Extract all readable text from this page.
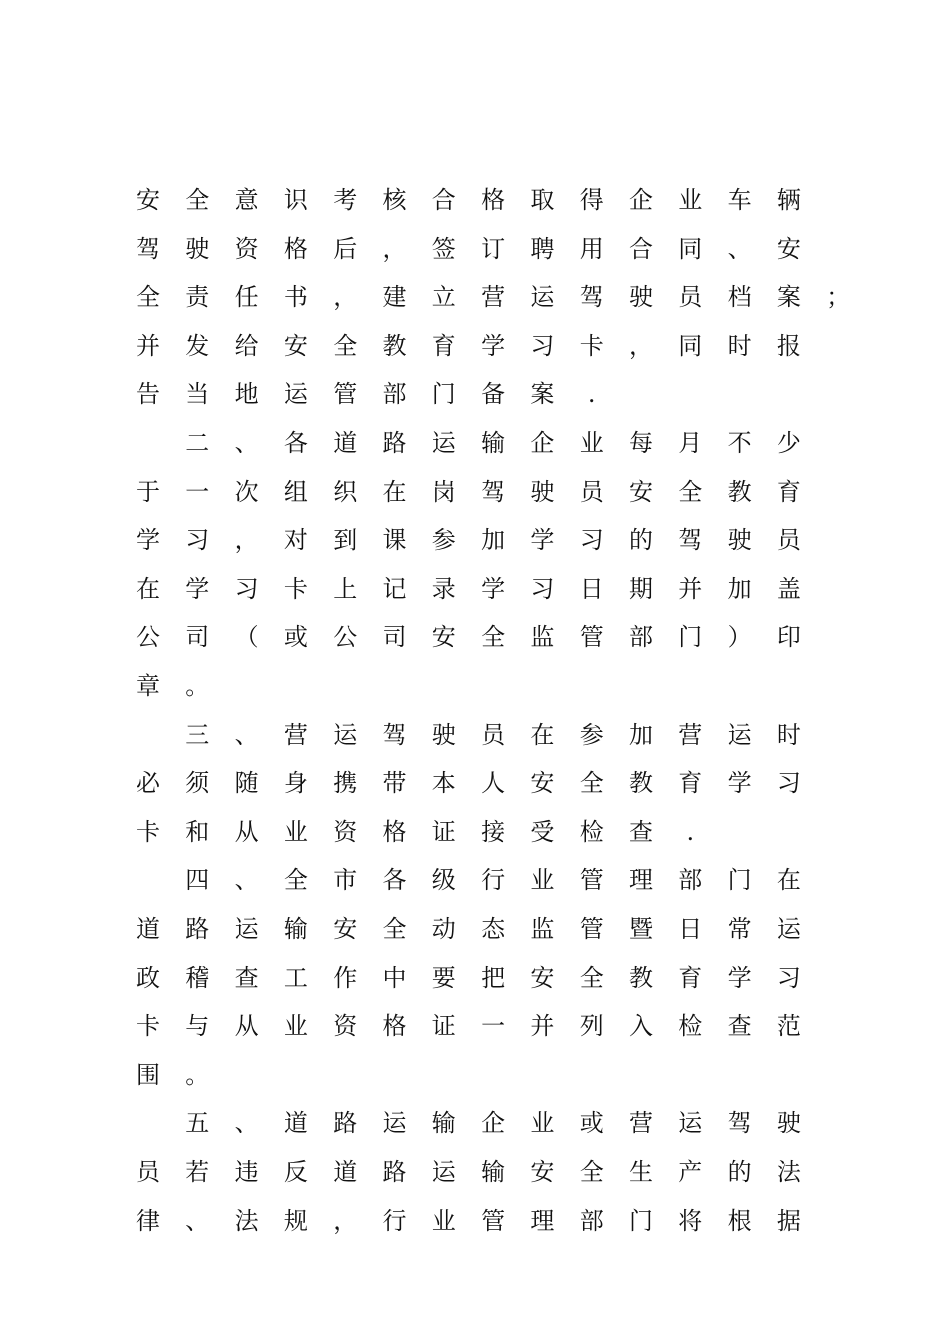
安 全 意 识 考 核 合 格 取 得 企 业 车 辆
驾 驶 资 格 后 ， 签 订 聘 用 合 同 、 安
全 责 任 书 ， 建 立 营 运 驾 驶 员 档 案 ；
并 发 给 安 全 教 育 学 习 卡 ， 同 时 报
告 当 地 运 管 部 门 备 案	.
二 、 各 道 路 运 输 企 业 每 月 不 少
于 一 次 组 织 在 岗 驾 驶 员 安 全 教 育
学 习 ， 对 到 课 参 加 学 习 的 驾 驶 员
在 学 习 卡 上 记 录 学 习 日 期 并 加 盖
公 司 （ 或 公 司 安 全 监 管 部 门 ） 印
章 。
三 、 营 运 驾 驶 员 在 参 加 营 运 时
必 须 随 身 携 带 本 人 安 全 教 育 学 习
卡 和 从 业 资 格 证 接 受 检 查	.
四 、 全 市 各 级 行 业 管 理 部 门 在
道 路 运 输 安 全 动 态 监 管 暨 日 常 运
政 稽 查 工 作 中 要 把 安 全 教 育 学 习
卡 与 从 业 资 格 证 一 并 列 入 检 查 范
围 。
五 、 道 路 运 输 企 业 或 营 运 驾 驶
员 若 违 反 道 路 运 输 安 全 生 产 的 法
律 、 法 规 ， 行 业 管 理 部 门 将 根 据
